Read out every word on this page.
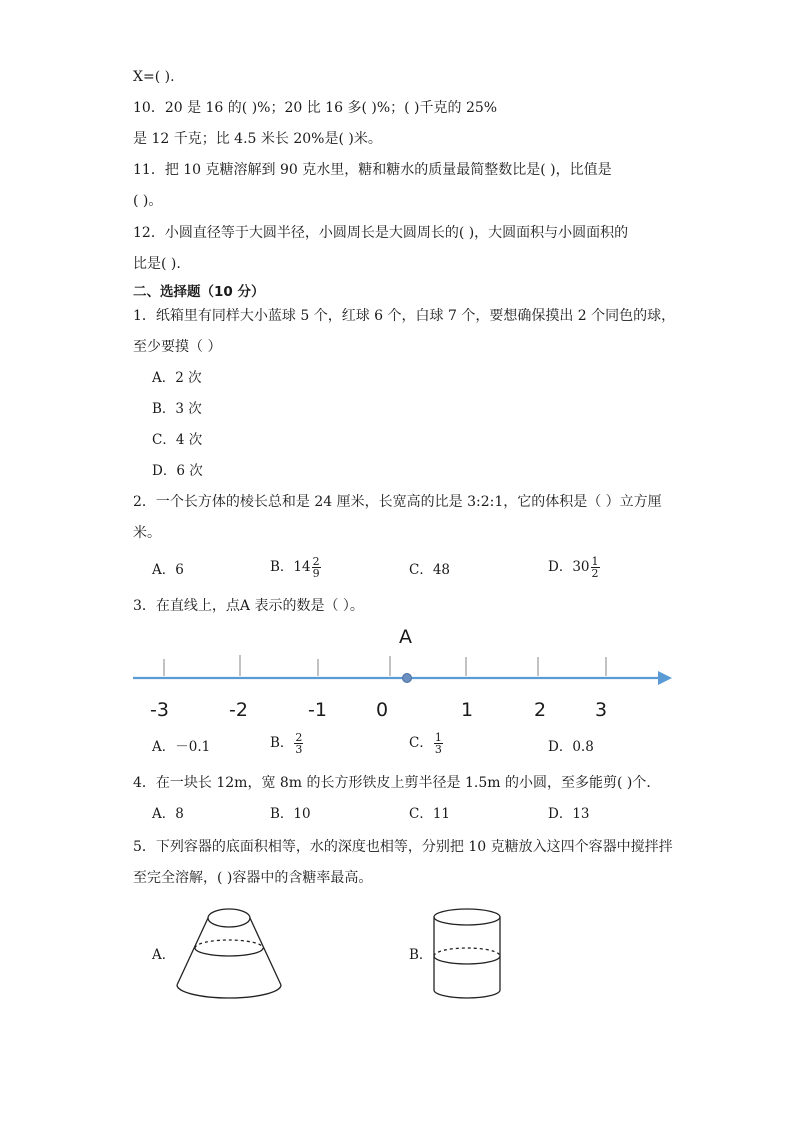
X=( ).
10．20 是 16 的( )%；20 比 16 多( )%；( )千克的 25%
是 12 千克；比 4.5 米长 20%是( )米。
11．把 10 克糖溶解到 90 克水里，糖和糖水的质量最简整数比是( )，比值是
( )。
12．小圆直径等于大圆半径，小圆周长是大圆周长的( )，大圆面积与小圆面积的
比是( ).
二、选择题（10 分）
1．纸箱里有同样大小蓝球 5 个，红球 6 个，白球 7 个，要想确保摸出 2 个同色的球，
至少要摸（ ）
A．2 次
B．3 次
C．4 次
D．6 次
2．一个长方体的棱长总和是 24 厘米，长宽高的比是 3:2:1，它的体积是（ ）立方厘
米。
A．6	B．$14 \frac{2}{9}$	C．48	D．$30 \frac{1}{2}$
3．在直线上，点A 表示的数是（ ）。
A
-3	-2	-1	0	1	2	3
A．－0.1	B． $\frac{2}{3}$	C． $\frac{1}{3}$	D．0.8
4．在一块长 12m，宽 8m 的长方形铁皮上剪半径是 1.5m 的小圆，至多能剪( )个．
A．8	B．10	C．11	D．13
5．下列容器的底面积相等，水的深度也相等，分别把 10 克糖放入这四个容器中搅拌拌
至完全溶解，( )容器中的含糖率最高。
A．	B．
